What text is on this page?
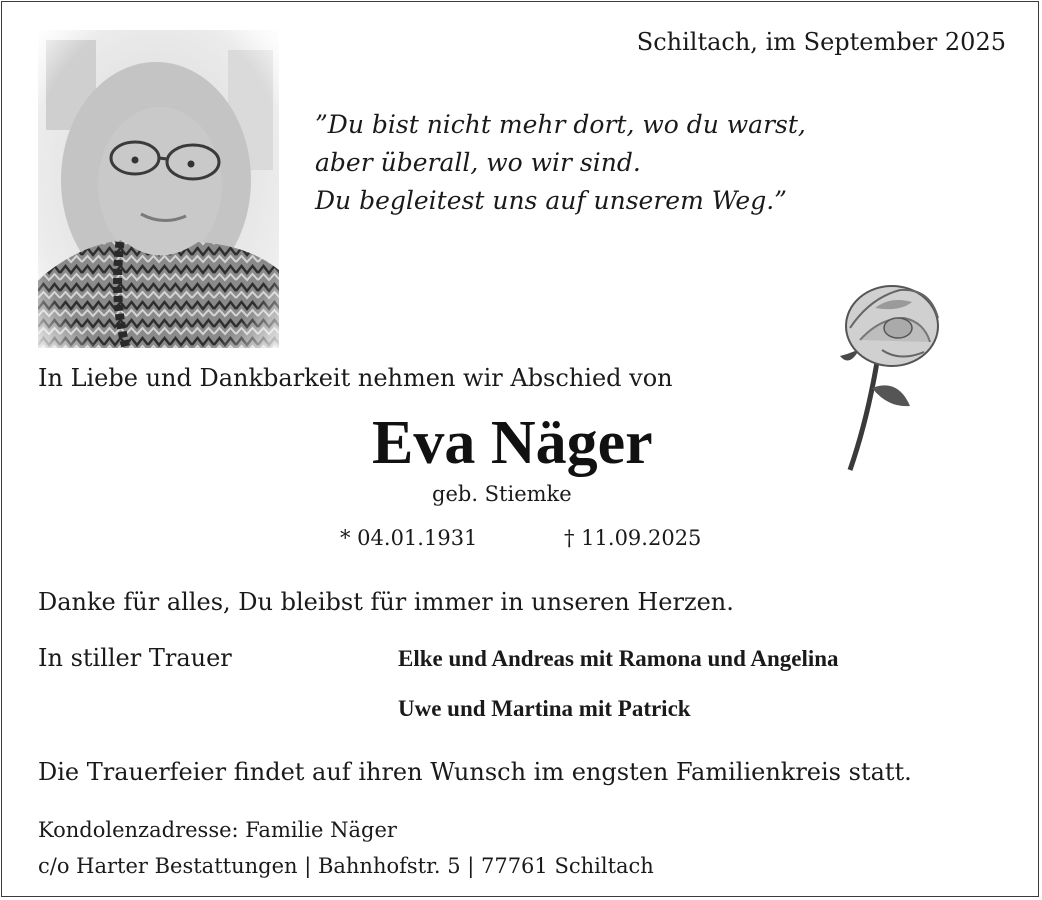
Schiltach, im September 2025
”Du bist nicht mehr dort, wo du warst,
aber überall, wo wir sind.
Du begleitest uns auf unserem Weg.”
In Liebe und Dankbarkeit nehmen wir Abschied von
Eva Näger
geb. Stiemke
* 04.01.1931	† 11.09.2025
Danke für alles, Du bleibst für immer in unseren Herzen.
In stiller Trauer	Elke und Andreas mit Ramona und Angelina
Uwe und Martina mit Patrick
Die Trauerfeier findet auf ihren Wunsch im engsten Familienkreis statt.
Kondolenzadresse: Familie Näger
c/o Harter Bestattungen | Bahnhofstr. 5 | 77761 Schiltach
